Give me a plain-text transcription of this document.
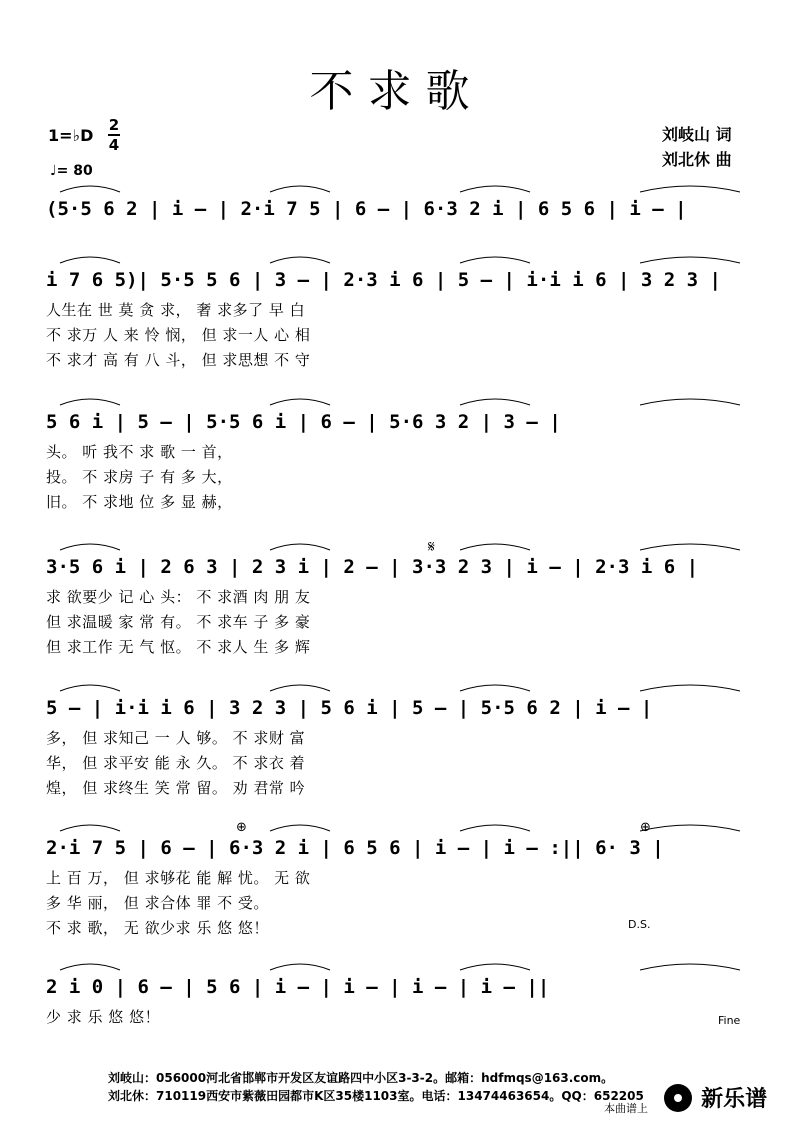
不求歌
1=♭D
2
4
♩= 80
刘岐山 词
刘北休 曲
(5·5 6 2 | i – | 2·i 7 5 | 6 – | 6·3 2 i | 6 5 6 | i – |
i 7 6 5)| 5·5 5 6 | 3 – | 2·3 i 6 | 5 – | i·i i 6 | 3 2 3 |
人生在 世 莫 贪 求， 奢 求多了 早 白
不 求万 人 来 怜 悯， 但 求一人 心 相
不 求才 高 有 八 斗， 但 求思想 不 守
5 6 i | 5 – | 5·5 6 i | 6 – | 5·6 3 2 | 3 – |
头。 听 我不 求 歌 一 首，
投。 不 求房 子 有 多 大，
旧。 不 求地 位 多 显 赫，
3·5 6 i | 2 6 3 | 2 3 i | 2 – | 3·3 2 3 | i – | 2·3 i 6 |
求 欲要少 记 心 头： 不 求酒 肉 朋 友
但 求温暖 家 常 有。 不 求车 子 多 豪
但 求工作 无 气 怄。 不 求人 生 多 辉
5 – | i·i i 6 | 3 2 3 | 5 6 i | 5 – | 5·5 6 2 | i – |
多， 但 求知己 一 人 够。 不 求财 富
华， 但 求平安 能 永 久。 不 求衣 着
煌， 但 求终生 笑 常 留。 劝 君常 吟
2·i 7 5 | 6 – | 6·3 2 i | 6 5 6 | i – | i – :|| 6· 3 |
上 百 万， 但 求够花 能 解 忧。 无 欲
多 华 丽， 但 求合体 罪 不 受。
不 求 歌， 无 欲少求 乐 悠 悠！
2 i 0 | 6 – | 5 6 | i – | i – | i – | i – ||
少 求 乐 悠 悠！
𝄋
⊕	⊕
D.S.
Fine
刘岐山：056000河北省邯郸市开发区友谊路四中小区3-3-2。邮箱：hdfmqs@163.com。
刘北休：710119西安市紫薇田园都市K区35楼1103室。电话：13474463654。QQ：652205
本曲谱上	新乐谱
